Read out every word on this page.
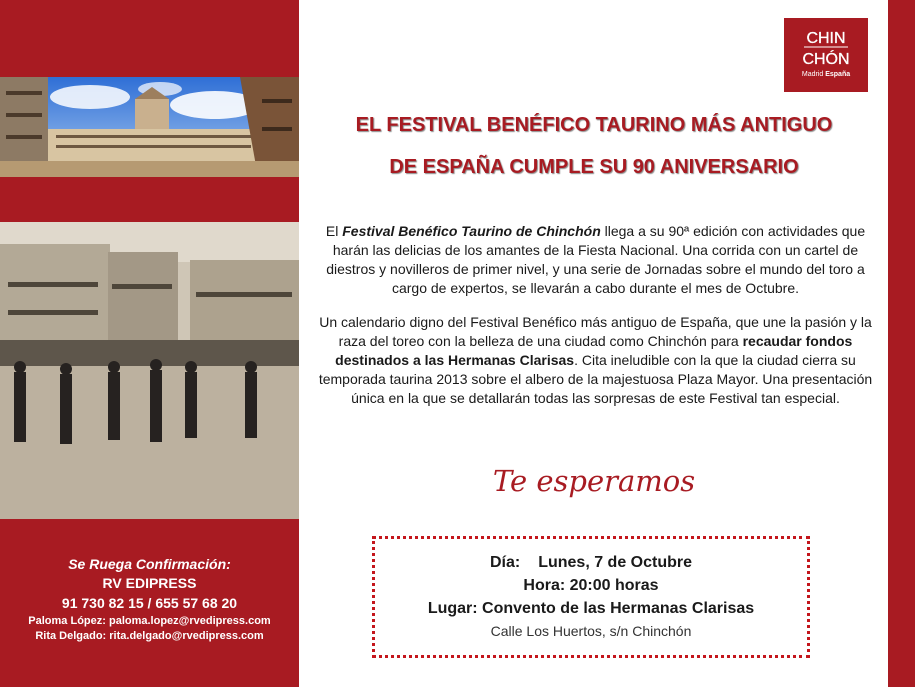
Se Ruega Confirmación:
RV EDIPRESS
91 730 82 15 / 655 57 68 20
Paloma López: paloma.lopez@rvedipress.com
Rita Delgado: rita.delgado@rvedipress.com
CHIN
CHÓN
Madrid España
EL FESTIVAL BENÉFICO TAURINO MÁS ANTIGUO
DE ESPAÑA CUMPLE SU 90 ANIVERSARIO

El Festival Benéfico Taurino de Chinchón llega a su 90ª edición con actividades que harán las delicias de los amantes de la Fiesta Nacional. Una corrida con un cartel de diestros y novilleros de primer nivel, y una serie de Jornadas sobre el mundo del toro a cargo de expertos, se llevarán a cabo durante el mes de Octubre.

Un calendario digno del Festival Benéfico más antiguo de España, que une la pasión y la raza del toreo con la belleza de una ciudad como Chinchón para recaudar fondos destinados a las Hermanas Clarisas. Cita ineludible con la que la ciudad cierra su temporada taurina 2013 sobre el albero de la majestuosa Plaza Mayor. Una presentación única en la que se detallarán todas las sorpresas de este Festival tan especial.

Te esperamos
Día: Lunes, 7 de Octubre
Hora: 20:00 horas
Lugar: Convento de las Hermanas Clarisas
Calle Los Huertos, s/n Chinchón
